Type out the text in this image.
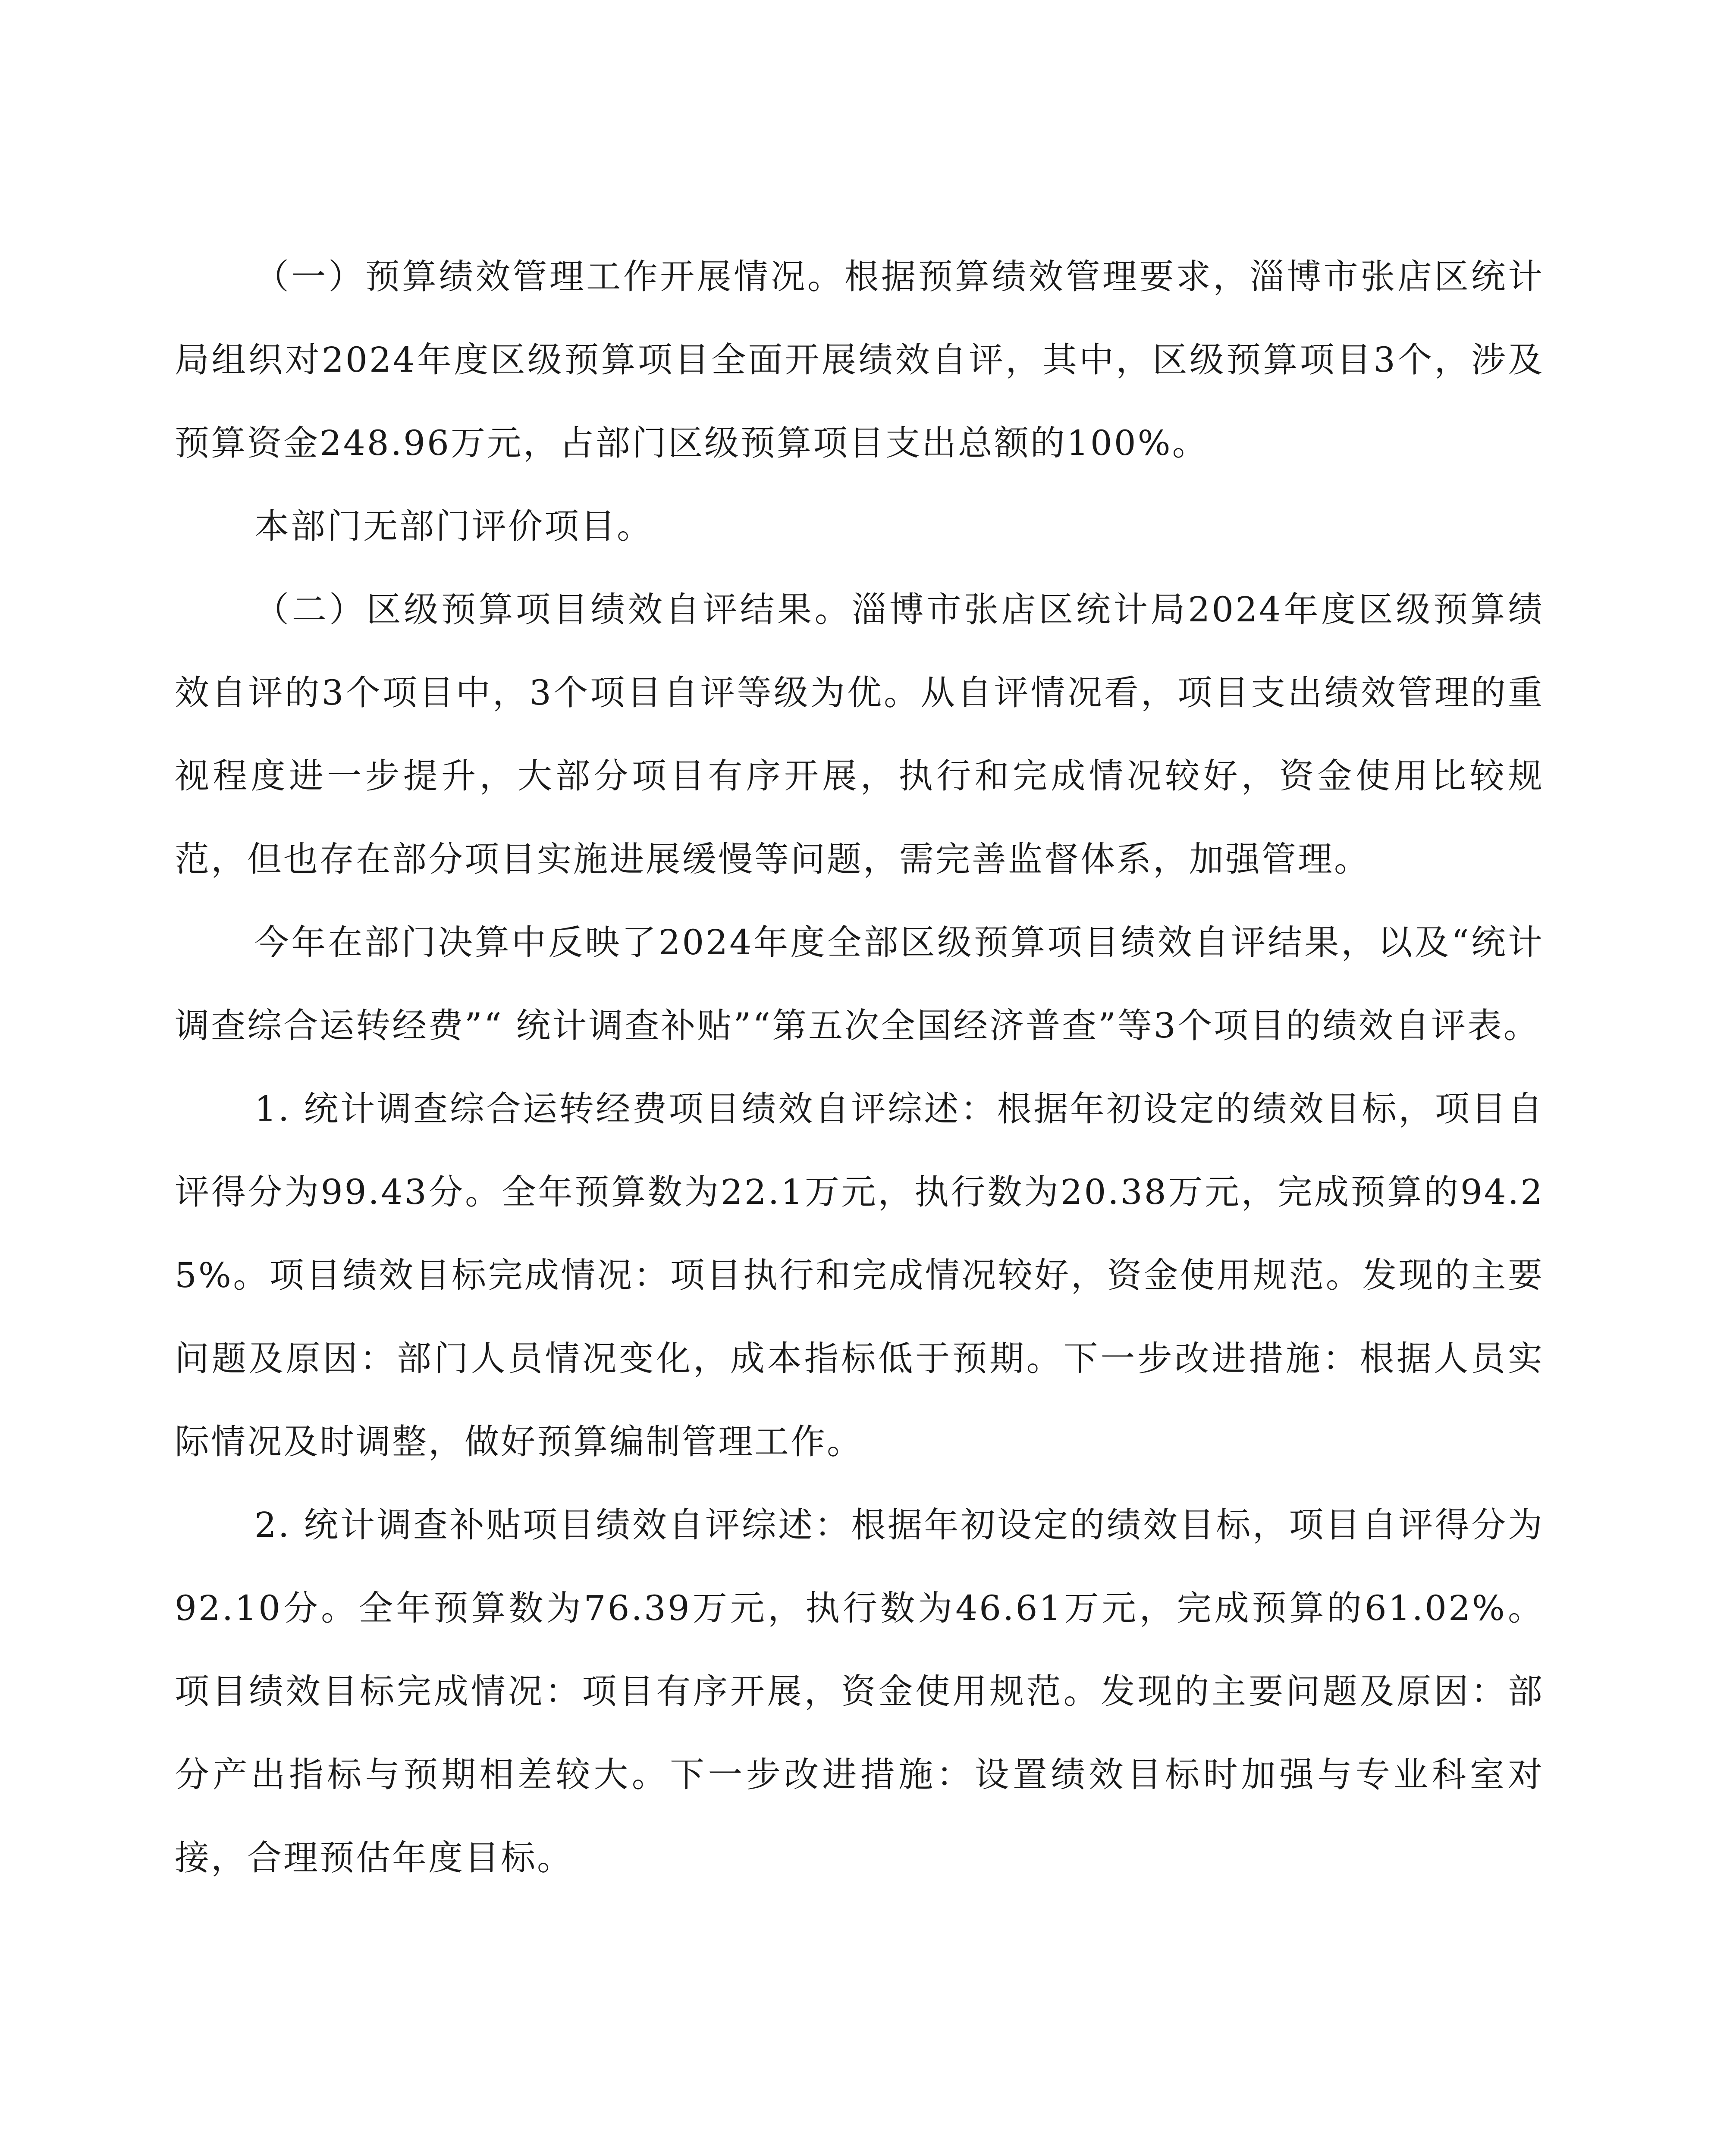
（一）预算绩效管理工作开展情况。根据预算绩效管理要求，淄博市张店区统计局组织对2024年度区级预算项目全面开展绩效自评，其中，区级预算项目3个，涉及预算资金248.96万元，占部门区级预算项目支出总额的100%。

本部门无部门评价项目。

（二）区级预算项目绩效自评结果。淄博市张店区统计局2024年度区级预算绩效自评的3个项目中，3个项目自评等级为优。从自评情况看，项目支出绩效管理的重视程度进一步提升，大部分项目有序开展，执行和完成情况较好，资金使用比较规范，但也存在部分项目实施进展缓慢等问题，需完善监督体系，加强管理。

今年在部门决算中反映了2024年度全部区级预算项目绩效自评结果，以及“统计调查综合运转经费”“ 统计调查补贴”“第五次全国经济普查”等3个项目的绩效自评表。

1. 统计调查综合运转经费项目绩效自评综述：根据年初设定的绩效目标，项目自评得分为99.43分。全年预算数为22.1万元，执行数为20.38万元，完成预算的94.25%。项目绩效目标完成情况：项目执行和完成情况较好，资金使用规范。发现的主要问题及原因：部门人员情况变化，成本指标低于预期。下一步改进措施：根据人员实际情况及时调整，做好预算编制管理工作。

2. 统计调查补贴项目绩效自评综述：根据年初设定的绩效目标，项目自评得分为92.10分。全年预算数为76.39万元，执行数为46.61万元，完成预算的61.02%。项目绩效目标完成情况：项目有序开展，资金使用规范。发现的主要问题及原因：部分产出指标与预期相差较大。下一步改进措施：设置绩效目标时加强与专业科室对接，合理预估年度目标。
